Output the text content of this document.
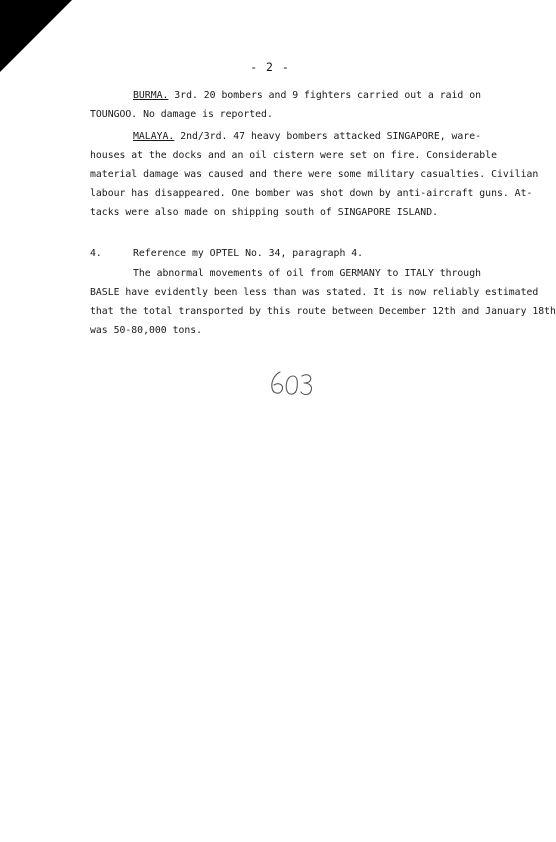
- 2 -
BURMA. 3rd. 20 bombers and 9 fighters carried out a raid on
TOUNGOO. No damage is reported.
MALAYA. 2nd/3rd. 47 heavy bombers attacked SINGAPORE, ware-
houses at the docks and an oil cistern were set on fire. Considerable
material damage was caused and there were some military casualties. Civilian
labour has disappeared. One bomber was shot down by anti-aircraft guns. At-
tacks were also made on shipping south of SINGAPORE ISLAND.
4.	Reference my OPTEL No. 34, paragraph 4.
The abnormal movements of oil from GERMANY to ITALY through
BASLE have evidently been less than was stated. It is now reliably estimated
that the total transported by this route between December 12th and January 18th
was 50-80,000 tons.
